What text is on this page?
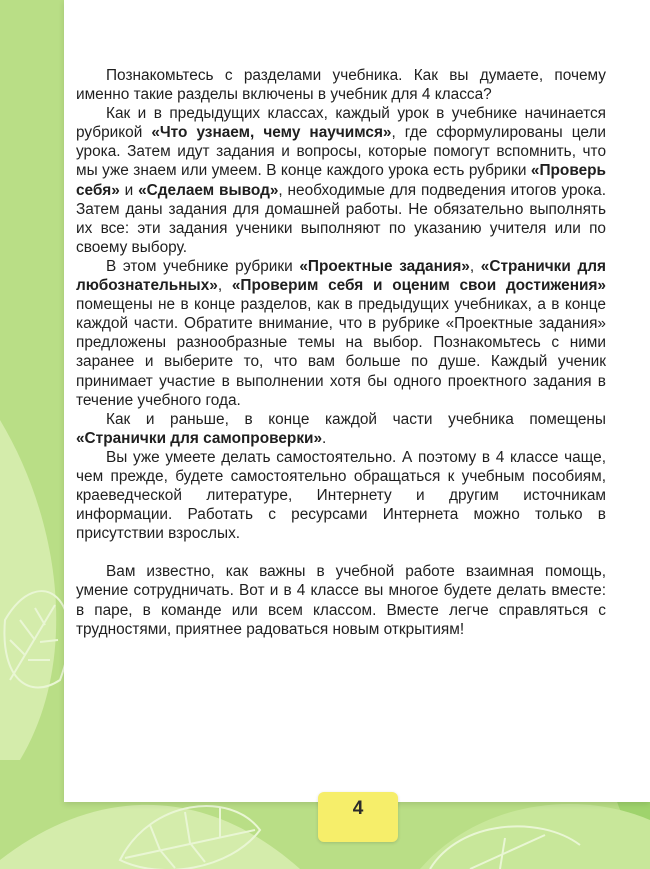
Познакомьтесь с разделами учебника. Как вы думаете, почему именно такие разделы включены в учебник для 4 класса?

Как и в предыдущих классах, каждый урок в учебнике начинается рубрикой «Что узнаем, чему научимся», где сформулированы цели урока. Затем идут задания и вопросы, которые помогут вспомнить, что мы уже знаем или умеем. В конце каждого урока есть рубрики «Проверь себя» и «Сделаем вывод», необходимые для подведения итогов урока. Затем даны задания для домашней работы. Не обязательно выполнять их все: эти задания ученики выполняют по указанию учителя или по своему выбору.

В этом учебнике рубрики «Проектные задания», «Странички для любознательных», «Проверим себя и оценим свои достижения» помещены не в конце разделов, как в предыдущих учебниках, а в конце каждой части. Обратите внимание, что в рубрике «Проектные задания» предложены разнообразные темы на выбор. Познакомьтесь с ними заранее и выберите то, что вам больше по душе. Каждый ученик принимает участие в выполнении хотя бы одного проектного задания в течение учебного года.

Как и раньше, в конце каждой части учебника помещены «Странички для самопроверки».

Вы уже умеете делать самостоятельно. А поэтому в 4 классе чаще, чем прежде, будете самостоятельно обращаться к учебным пособиям, краеведческой литературе, Интернету и другим источникам информации. Работать с ресурсами Интернета можно только в присутствии взрослых.

Вам известно, как важны в учебной работе взаимная помощь, умение сотрудничать. Вот и в 4 классе вы многое будете делать вместе: в паре, в команде или всем классом. Вместе легче справляться с трудностями, приятнее радоваться новым открытиям!

4
